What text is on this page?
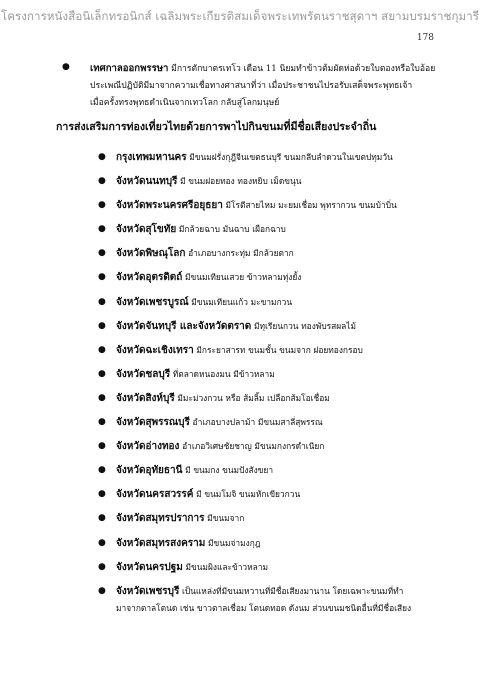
โครงการหนังสือนิเล็กทรอนิกส์ เฉลิมพระเกียรติสมเด็จพระเทพรัตนราชสุดาฯ สยามบรมราชกุมารี
178
●	เทศกาลออกพรรษา มีการตักบาตรเทโว เดือน 11 นิยมทำข้าวต้มผัดห่อด้วยใบตองหรือใบอ้อย

ประเพณีปฏิบัติมีมาจากความเชื่อทางศาสนาที่ว่า เมื่อประชาชนไปรอรับเสด็จพระพุทธเจ้า

เมื่อครั้งทรงพุทธดำเนินจากเทวโลก กลับสู่โลกมนุษย์

การส่งเสริมการท่องเที่ยวไทยด้วยการพาไปกินขนมที่มีชื่อเสียงประจำถิ่น
● กรุงเทพมหานคร มีขนมฝรั่งกุฎีจีนเขตธนบุรี ขนมกลีบลำดวนในเขตปทุมวัน
● จังหวัดนนทบุรี มี ขนมฝอยทอง ทองหยิบ เม็ดขนุน
● จังหวัดพระนครศรีอยุธยา มีโรตีสายไหม มะยมเชื่อม พุทรากวน ขนมบ้าบิ่น
● จังหวัดสุโขทัย มีกล้วยฉาบ มันฉาบ เผือกฉาบ
● จังหวัดพิษณุโลก อำเภอบางกระทุ่ม มีกล้วยตาก
● จังหวัดอุตรดิตถ์ มีขนมเทียนเสวย ข้าวหลามทุ่งยั้ง
● จังหวัดเพชรบูรณ์ มีขนมเทียนแก้ว มะขามกวน
● จังหวัดจันทบุรี และจังหวัดตราด มีทุเรียนกวน ทองพับรสผลไม้
● จังหวัดฉะเชิงเทรา มีกระยาสารท ขนมชั้น ขนมจาก ฝอยทองกรอบ
● จังหวัดชลบุรี ที่ตลาดหนองมน มีข้าวหลาม
● จังหวัดสิงห์บุรี มีมะม่วงกวน หรือ ส้มลิ้ม เปลือกส้มโอเชื่อม
● จังหวัดสุพรรณบุรี อำเภอบางปลาม้า มีขนมสาลี่สุพรรณ
● จังหวัดอ่างทอง อำเภอวิเศษชัยชาญ มีขนมกงกรดำเนียก
● จังหวัดอุทัยธานี มี ขนมกง ขนมปังสังขยา
● จังหวัดนครสวรรค์ มี ขนมโมจิ ขนมหักเขียวกวน
● จังหวัดสมุทรปราการ มีขนมจาก
● จังหวัดสมุทรสงคราม มีขนมจ่ามงกุฎ
● จังหวัดนครปฐม มีขนมผิงและข้าวหลาม
● จังหวัดเพชรบุรี เป็นแหล่งที่มีขนมหวานที่มีชื่อเสียงมานาน โดยเฉพาะขนมที่ทำ
มาจากตาลโตนด เช่น ขาวตาลเชื่อม โตนดทอด ดังนม ส่วนขนมชนิดอื่นที่มีชื่อเสียง
